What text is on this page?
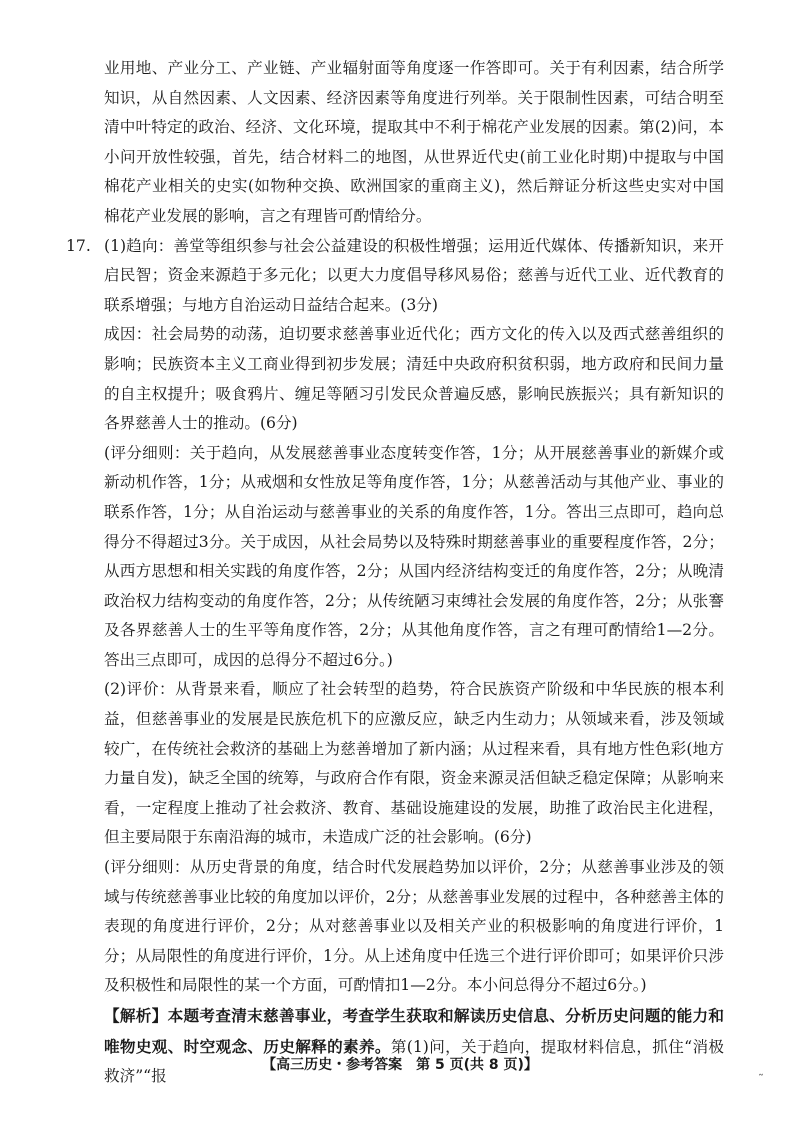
业用地、产业分工、产业链、产业辐射面等角度逐一作答即可。关于有利因素，结合所学知识，从自然因素、人文因素、经济因素等角度进行列举。关于限制性因素，可结合明至清中叶特定的政治、经济、文化环境，提取其中不利于棉花产业发展的因素。第(2)问，本小问开放性较强，首先，结合材料二的地图，从世界近代史(前工业化时期)中提取与中国棉花产业相关的史实(如物种交换、欧洲国家的重商主义)，然后辩证分析这些史实对中国棉花产业发展的影响，言之有理皆可酌情给分。

17. (1)趋向：善堂等组织参与社会公益建设的积极性增强；运用近代媒体、传播新知识，来开启民智；资金来源趋于多元化；以更大力度倡导移风易俗；慈善与近代工业、近代教育的联系增强；与地方自治运动日益结合起来。(3分)

成因：社会局势的动荡，迫切要求慈善事业近代化；西方文化的传入以及西式慈善组织的影响；民族资本主义工商业得到初步发展；清廷中央政府积贫积弱，地方政府和民间力量的自主权提升；吸食鸦片、缠足等陋习引发民众普遍反感，影响民族振兴；具有新知识的各界慈善人士的推动。(6分)

(评分细则：关于趋向，从发展慈善事业态度转变作答，1分；从开展慈善事业的新媒介或新动机作答，1分；从戒烟和女性放足等角度作答，1分；从慈善活动与其他产业、事业的联系作答，1分；从自治运动与慈善事业的关系的角度作答，1分。答出三点即可，趋向总得分不得超过3分。关于成因，从社会局势以及特殊时期慈善事业的重要程度作答，2分；从西方思想和相关实践的角度作答，2分；从国内经济结构变迁的角度作答，2分；从晚清政治权力结构变动的角度作答，2分；从传统陋习束缚社会发展的角度作答，2分；从张謇及各界慈善人士的生平等角度作答，2分；从其他角度作答，言之有理可酌情给1—2分。答出三点即可，成因的总得分不超过6分。)

(2)评价：从背景来看，顺应了社会转型的趋势，符合民族资产阶级和中华民族的根本利益，但慈善事业的发展是民族危机下的应激反应，缺乏内生动力；从领域来看，涉及领域较广，在传统社会救济的基础上为慈善增加了新内涵；从过程来看，具有地方性色彩(地方力量自发)，缺乏全国的统筹，与政府合作有限，资金来源灵活但缺乏稳定保障；从影响来看，一定程度上推动了社会救济、教育、基础设施建设的发展，助推了政治民主化进程，但主要局限于东南沿海的城市，未造成广泛的社会影响。(6分)

(评分细则：从历史背景的角度，结合时代发展趋势加以评价，2分；从慈善事业涉及的领域与传统慈善事业比较的角度加以评价，2分；从慈善事业发展的过程中，各种慈善主体的表现的角度进行评价，2分；从对慈善事业以及相关产业的积极影响的角度进行评价，1分；从局限性的角度进行评价，1分。从上述角度中任选三个进行评价即可；如果评价只涉及积极性和局限性的某一个方面，可酌情扣1—2分。本小问总得分不超过6分。)

【解析】本题考查清末慈善事业，考查学生获取和解读历史信息、分析历史问题的能力和唯物史观、时空观念、历史解释的素养。第(1)问，关于趋向，提取材料信息，抓住“消极救济”“报

【高三历史・参考答案　第 5 页(共 8 页)】	˷
